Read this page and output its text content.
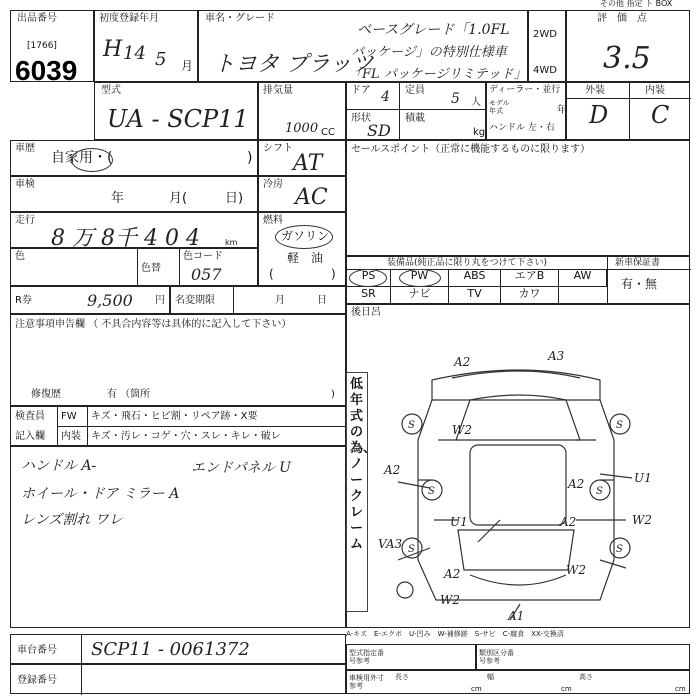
その他 指定 ト BOX
出品番号
[1766]
6039
初度登録年月
H 14 5 月
車名・グレード
トヨタ プラッツ
ベースグレード「1.0FL
パッケージ」の特別仕様車
「FL パッケージリミテッド」
2WD
4WD
評　価　点
3.5
型式
UA - SCP11
排気量
1000 CC
ドア 4 定員
5 人
形状
SD
積載
kg
ディーラー・並行
モデル年式	年
ハンドル 左・右
外装	内装
D C
車歴
自家用・(	)
シフト
AT
車検
年	月(	日)
冷房
AC
走行
8 万 8千 4 0 4	km
燃料
ガソリン
軽　油
(	)
色
色替
色コード
057
R券	9,500 円 名変期限	月	日
注意事項申告欄 （ 不具合内容等は具体的に記入して下さい）
修復歴	有 （箇所	)
検査員
記入欄
FW キズ・飛石・ヒビ割・リペア跡・X要
内装 キズ・汚レ・コゲ・穴・スレ・キレ・破レ
ハンドル A-
ホイール・ドア ミラー A
レンズ割れ ワレ
エンドパネル U
セールスポイント（正常に機能するものに限ります）
装備品(純正品に限り丸をつけて下さい)	新車保証書
PS	PW	ABS	エアB	AW
SR	ナビ	TV	カワ
有・無
後日呂
低年式の為、ノークレーム
A2	A3
W2
A2
U1
A2
W2
A2
U1
W2
A2
W2
VA3
A1
S	S
S	S
S	S
A-キズ　E-エクボ　U-凹み　W-補修跡　S-サビ　C-腐食　XX-交換済
車台番号 SCP11 - 0061372
登録番号
型式指定番号参考
類別区分番号参考
車検用外寸参考
長さ
cm
幅
cm
高さ
cm
